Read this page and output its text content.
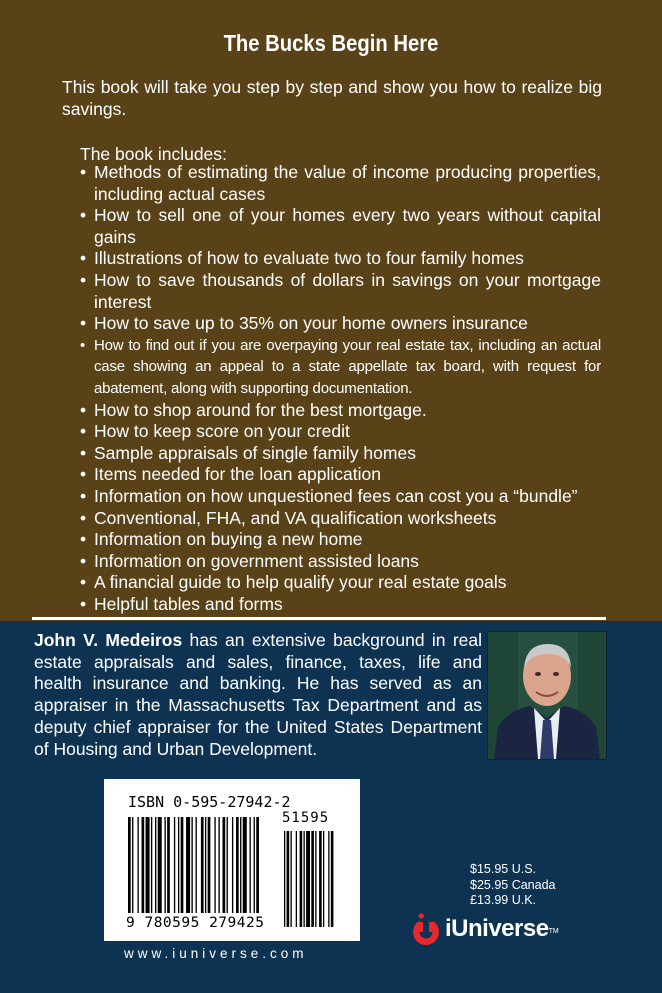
The Bucks Begin Here
This book will take you step by step and show you how to realize big savings.
The book includes:
• Methods of estimating the value of income producing properties, including actual cases
• How to sell one of your homes every two years without capital gains
• Illustrations of how to evaluate two to four family homes
• How to save thousands of dollars in savings on your mortgage interest
• How to save up to 35% on your home owners insurance
• How to find out if you are overpaying your real estate tax, including an actual case showing an appeal to a state appellate tax board, with request for abatement, along with supporting documentation.
• How to shop around for the best mortgage.
• How to keep score on your credit
• Sample appraisals of single family homes
• Items needed for the loan application
• Information on how unquestioned fees can cost you a “bundle”
• Conventional, FHA, and VA qualification worksheets
• Information on buying a new home
• Information on government assisted loans
• A financial guide to help qualify your real estate goals
• Helpful tables and forms
John V. Medeiros has an extensive background in real estate appraisals and sales, finance, taxes, life and health insurance and banking. He has served as an appraiser in the Massachusetts Tax Department and as deputy chief appraiser for the United States Department of Housing and Urban Development.
ISBN 0-595-27942-2
51595
9 780595 279425
www.iuniverse.com
$15.95 U.S.
$25.95 Canada
£13.99 U.K.
iUniverse TM
